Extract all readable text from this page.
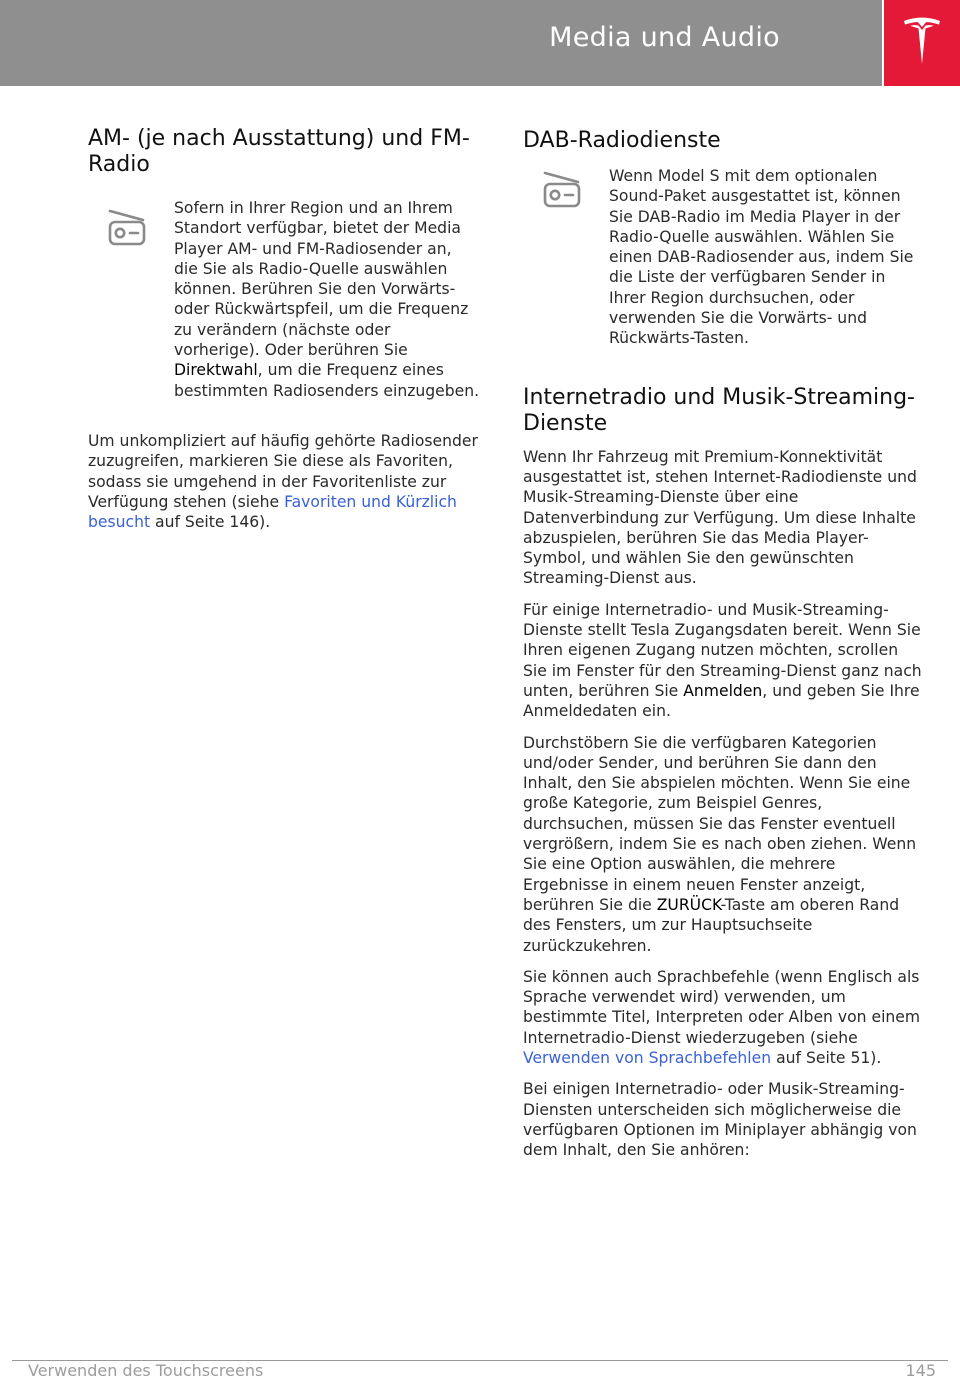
Media und Audio
AM- (je nach Ausstattung) und FM-Radio

Sofern in Ihrer Region und an Ihrem Standort verfügbar, bietet der Media Player AM- und FM-Radiosender an, die Sie als Radio-Quelle auswählen können. Berühren Sie den Vorwärts- oder Rückwärtspfeil, um die Frequenz zu verändern (nächste oder vorherige). Oder berühren Sie Direktwahl, um die Frequenz eines bestimmten Radiosenders einzugeben.

Um unkompliziert auf häufig gehörte Radiosender zuzugreifen, markieren Sie diese als Favoriten, sodass sie umgehend in der Favoritenliste zur Verfügung stehen (siehe Favoriten und Kürzlich besucht auf Seite 146).

DAB-Radiodienste

Wenn Model S mit dem optionalen Sound-Paket ausgestattet ist, können Sie DAB-Radio im Media Player in der Radio-Quelle auswählen. Wählen Sie einen DAB-Radiosender aus, indem Sie die Liste der verfügbaren Sender in Ihrer Region durchsuchen, oder verwenden Sie die Vorwärts- und Rückwärts-Tasten.

Internetradio und Musik-Streaming-Dienste

Wenn Ihr Fahrzeug mit Premium-Konnektivität ausgestattet ist, stehen Internet-Radiodienste und Musik-Streaming-Dienste über eine Datenverbindung zur Verfügung. Um diese Inhalte abzuspielen, berühren Sie das Media Player-Symbol, und wählen Sie den gewünschten Streaming-Dienst aus.

Für einige Internetradio- und Musik-Streaming-Dienste stellt Tesla Zugangsdaten bereit. Wenn Sie Ihren eigenen Zugang nutzen möchten, scrollen Sie im Fenster für den Streaming-Dienst ganz nach unten, berühren Sie Anmelden, und geben Sie Ihre Anmeldedaten ein.

Durchstöbern Sie die verfügbaren Kategorien und/oder Sender, und berühren Sie dann den Inhalt, den Sie abspielen möchten. Wenn Sie eine große Kategorie, zum Beispiel Genres, durchsuchen, müssen Sie das Fenster eventuell vergrößern, indem Sie es nach oben ziehen. Wenn Sie eine Option auswählen, die mehrere Ergebnisse in einem neuen Fenster anzeigt, berühren Sie die ZURÜCK-Taste am oberen Rand des Fensters, um zur Hauptsuchseite zurückzukehren.

Sie können auch Sprachbefehle (wenn Englisch als Sprache verwendet wird) verwenden, um bestimmte Titel, Interpreten oder Alben von einem Internetradio-Dienst wiederzugeben (siehe Verwenden von Sprachbefehlen auf Seite 51).

Bei einigen Internetradio- oder Musik-Streaming-Diensten unterscheiden sich möglicherweise die verfügbaren Optionen im Miniplayer abhängig von dem Inhalt, den Sie anhören:

Verwenden des Touchscreens	145
